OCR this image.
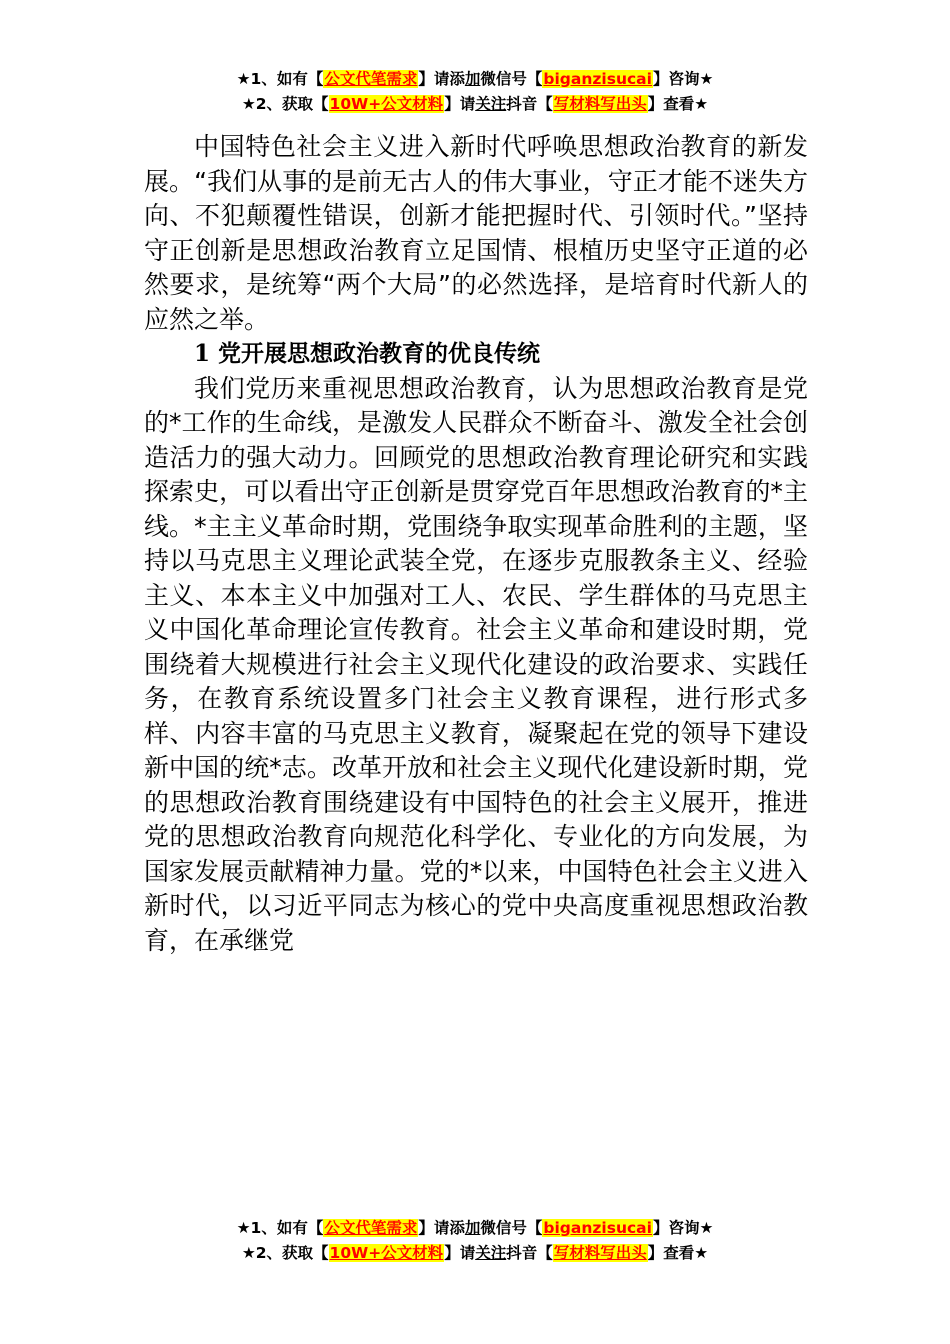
★1、如有【公文代笔需求】请添加微信号【biganzisucai】咨询★
★2、获取【10W+公文材料】请关注抖音【写材料写出头】查看★

中国特色社会主义进入新时代呼唤思想政治教育的新发展。“我们从事的是前无古人的伟大事业，守正才能不迷失方向、不犯颠覆性错误，创新才能把握时代、引领时代。”坚持守正创新是思想政治教育立足国情、根植历史坚守正道的必然要求，是统筹“两个大局”的必然选择，是培育时代新人的应然之举。

1 党开展思想政治教育的优良传统

我们党历来重视思想政治教育，认为思想政治教育是党的*工作的生命线，是激发人民群众不断奋斗、激发全社会创造活力的强大动力。回顾党的思想政治教育理论研究和实践探索史，可以看出守正创新是贯穿党百年思想政治教育的*主线。*主主义革命时期，党围绕争取实现革命胜利的主题，坚持以马克思主义理论武装全党，在逐步克服教条主义、经验主义、本本主义中加强对工人、农民、学生群体的马克思主义中国化革命理论宣传教育。社会主义革命和建设时期，党围绕着大规模进行社会主义现代化建设的政治要求、实践任务，在教育系统设置多门社会主义教育课程，进行形式多样、内容丰富的马克思主义教育，凝聚起在党的领导下建设新中国的统*志。改革开放和社会主义现代化建设新时期，党的思想政治教育围绕建设有中国特色的社会主义展开，推进党的思想政治教育向规范化科学化、专业化的方向发展，为国家发展贡献精神力量。党的*以来，中国特色社会主义进入新时代，以习近平同志为核心的党中央高度重视思想政治教育，在承继党

★1、如有【公文代笔需求】请添加微信号【biganzisucai】咨询★
★2、获取【10W+公文材料】请关注抖音【写材料写出头】查看★
